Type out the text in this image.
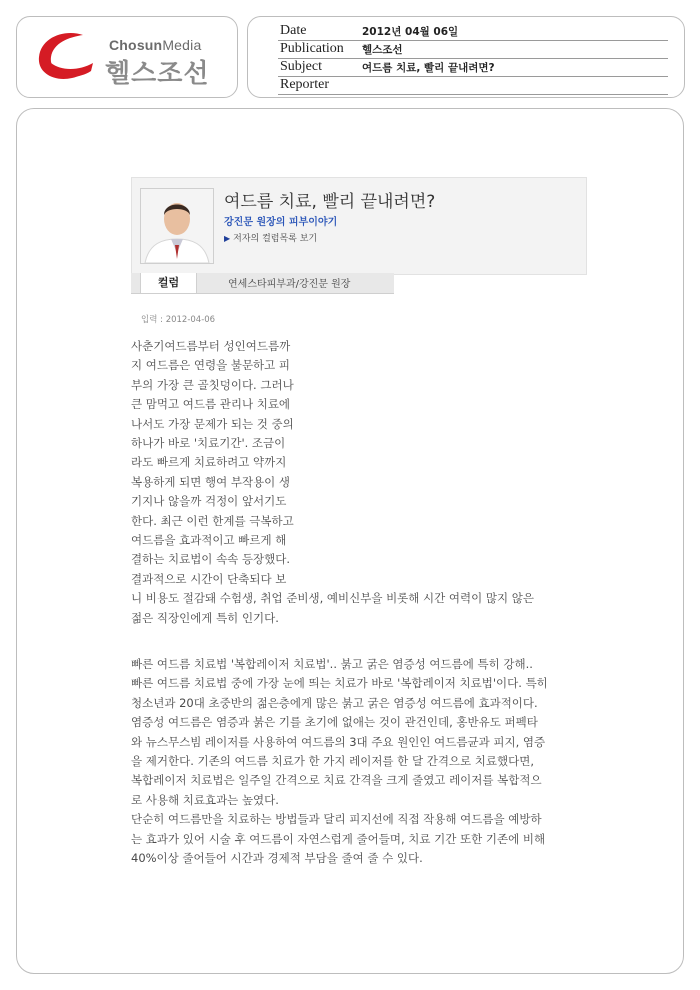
ChosunMedia
헬스조선
Date	2012년 04월 06일
Publication 헬스조선
Subject	여드름 치료, 빨리 끝내려면?
Reporter
여드름 치료, 빨리 끝내려면?
강진문 원장의 피부이야기
▶ 저자의 컬럼목록 보기
컬럼	연세스타피부과/강진문 원장
입력 : 2012-04-06
사춘기여드름부터 성인여드름까
지 여드름은 연령을 불문하고 피
부의 가장 큰 골칫덩이다. 그러나
큰 맘먹고 여드름 관리나 치료에
나서도 가장 문제가 되는 것 중의
하나가 바로 '치료기간'. 조금이
라도 빠르게 치료하려고 약까지
복용하게 되면 행여 부작용이 생
기지나 않을까 걱정이 앞서기도
한다. 최근 이런 한계를 극복하고
여드름을 효과적이고 빠르게 해
결하는 치료법이 속속 등장했다.
결과적으로 시간이 단축되다 보
니 비용도 절감돼 수험생, 취업 준비생, 예비신부을 비롯해 시간 여력이 많지 않은
젊은 직장인에게 특히 인기다.
빠른 여드름 치료법 '복합레이저 치료법'.. 붉고 굵은 염증성 여드름에 특히 강해..
빠른 여드름 치료법 중에 가장 눈에 띄는 치료가 바로 '복합레이저 치료법'이다. 특히
청소년과 20대 초중반의 젊은층에게 많은 붉고 굵은 염증성 여드름에 효과적이다.
염증성 여드름은 염증과 붉은 기를 초기에 없애는 것이 관건인데, 홍반유도 퍼펙타
와 뉴스무스빔 레이저를 사용하여 여드름의 3대 주요 원인인 여드름균과 피지, 염증
을 제거한다. 기존의 여드름 치료가 한 가지 레이저를 한 달 간격으로 치료했다면,
복합레이저 치료법은 일주일 간격으로 치료 간격을 크게 줄였고 레이저를 복합적으
로 사용해 치료효과는 높였다.
단순히 여드름만을 치료하는 방법들과 달리 피지선에 직접 작용해 여드름을 예방하
는 효과가 있어 시술 후 여드름이 자연스럽게 줄어들며, 치료 기간 또한 기존에 비해
40%이상 줄어들어 시간과 경제적 부담을 줄여 줄 수 있다.
